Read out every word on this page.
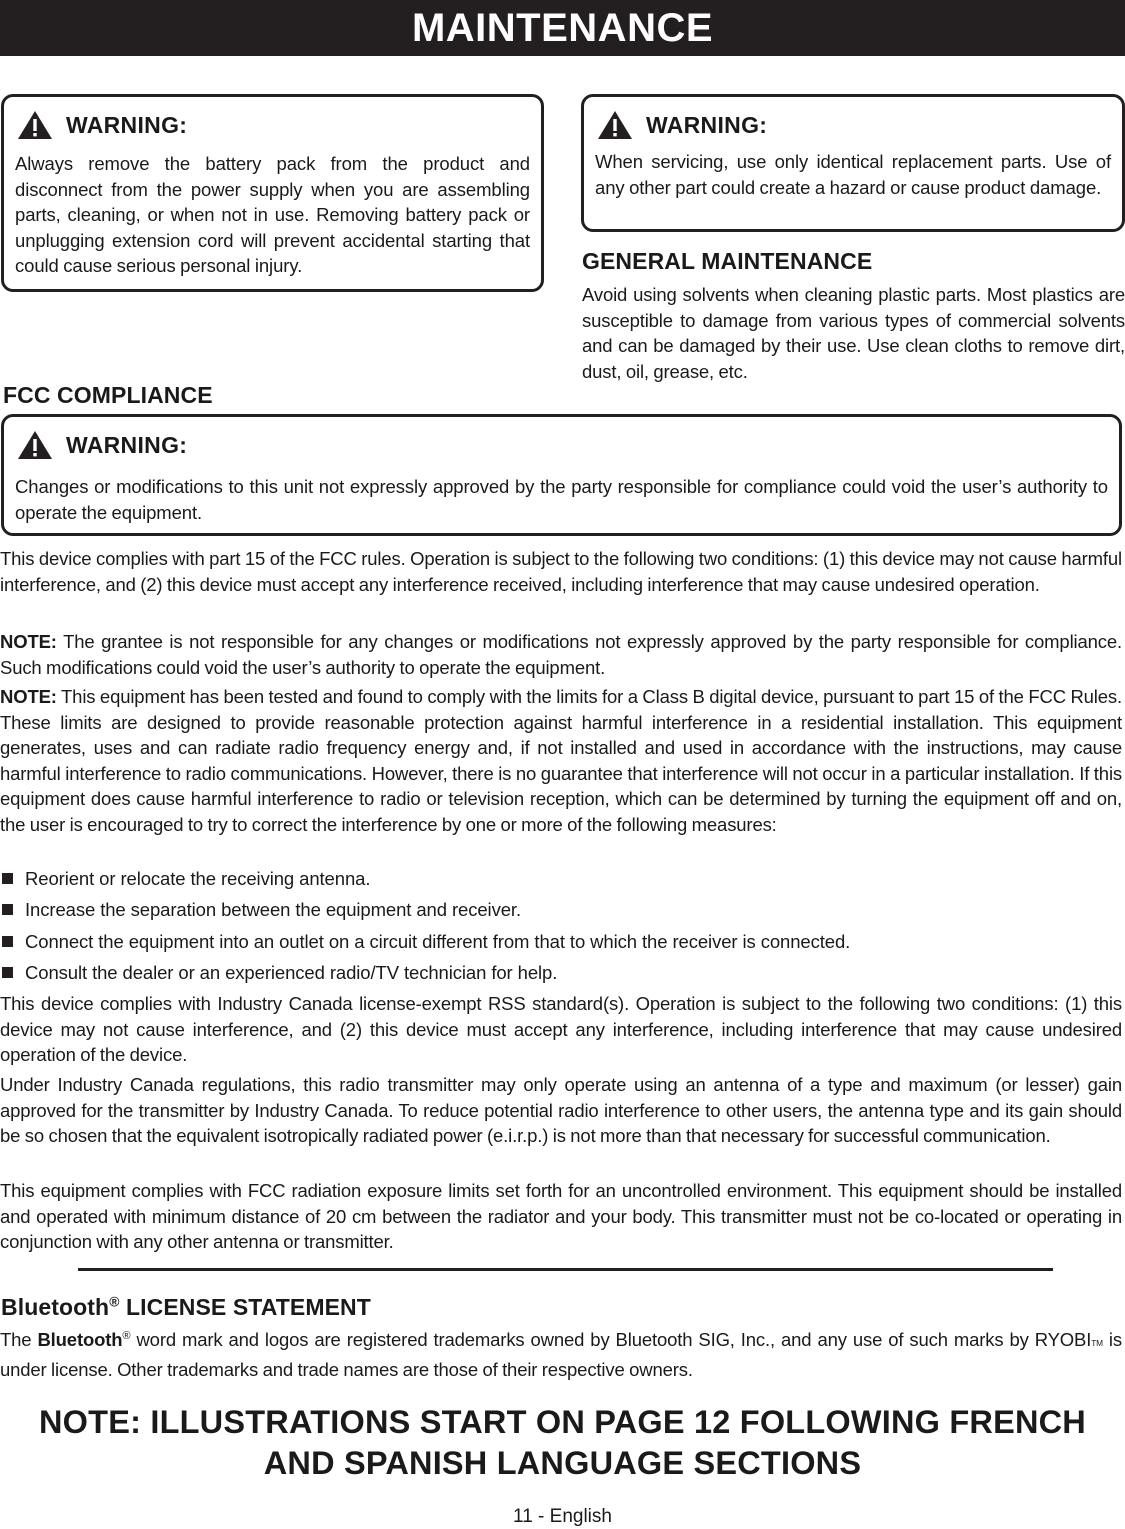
MAINTENANCE
WARNING:
Always remove the battery pack from the product and disconnect from the power supply when you are assembling parts, cleaning, or when not in use. Removing battery pack or unplugging extension cord will prevent accidental starting that could cause serious personal injury.
WARNING:
When servicing, use only identical replacement parts. Use of any other part could create a hazard or cause product damage.
GENERAL MAINTENANCE
Avoid using solvents when cleaning plastic parts. Most plastics are susceptible to damage from various types of commercial solvents and can be damaged by their use. Use clean cloths to remove dirt, dust, oil, grease, etc.
FCC COMPLIANCE
WARNING:
Changes or modifications to this unit not expressly approved by the party responsible for compliance could void the user’s authority to operate the equipment.
This device complies with part 15 of the FCC rules. Operation is subject to the following two conditions: (1) this device may not cause harmful interference, and (2) this device must accept any interference received, including interference that may cause undesired operation.
NOTE: The grantee is not responsible for any changes or modifications not expressly approved by the party responsible for compliance. Such modifications could void the user’s authority to operate the equipment.
NOTE: This equipment has been tested and found to comply with the limits for a Class B digital device, pursuant to part 15 of the FCC Rules. These limits are designed to provide reasonable protection against harmful interference in a residential installation. This equipment generates, uses and can radiate radio frequency energy and, if not installed and used in accordance with the instructions, may cause harmful interference to radio communications. However, there is no guarantee that interference will not occur in a particular installation. If this equipment does cause harmful interference to radio or television reception, which can be determined by turning the equipment off and on, the user is encouraged to try to correct the interference by one or more of the following measures:
Reorient or relocate the receiving antenna.
Increase the separation between the equipment and receiver.
Connect the equipment into an outlet on a circuit different from that to which the receiver is connected.
Consult the dealer or an experienced radio/TV technician for help.
This device complies with Industry Canada license-exempt RSS standard(s). Operation is subject to the following two conditions: (1) this device may not cause interference, and (2) this device must accept any interference, including interference that may cause undesired operation of the device.
Under Industry Canada regulations, this radio transmitter may only operate using an antenna of a type and maximum (or lesser) gain approved for the transmitter by Industry Canada. To reduce potential radio interference to other users, the antenna type and its gain should be so chosen that the equivalent isotropically radiated power (e.i.r.p.) is not more than that necessary for successful communication.
This equipment complies with FCC radiation exposure limits set forth for an uncontrolled environment. This equipment should be installed and operated with minimum distance of 20 cm between the radiator and your body. This transmitter must not be co-located or operating in conjunction with any other antenna or transmitter.
Bluetooth® LICENSE STATEMENT
The Bluetooth® word mark and logos are registered trademarks owned by Bluetooth SIG, Inc., and any use of such marks by RYOBITM is under license. Other trademarks and trade names are those of their respective owners.
NOTE: ILLUSTRATIONS START ON PAGE 12 FOLLOWING FRENCH
AND SPANISH LANGUAGE SECTIONS
11 - English
